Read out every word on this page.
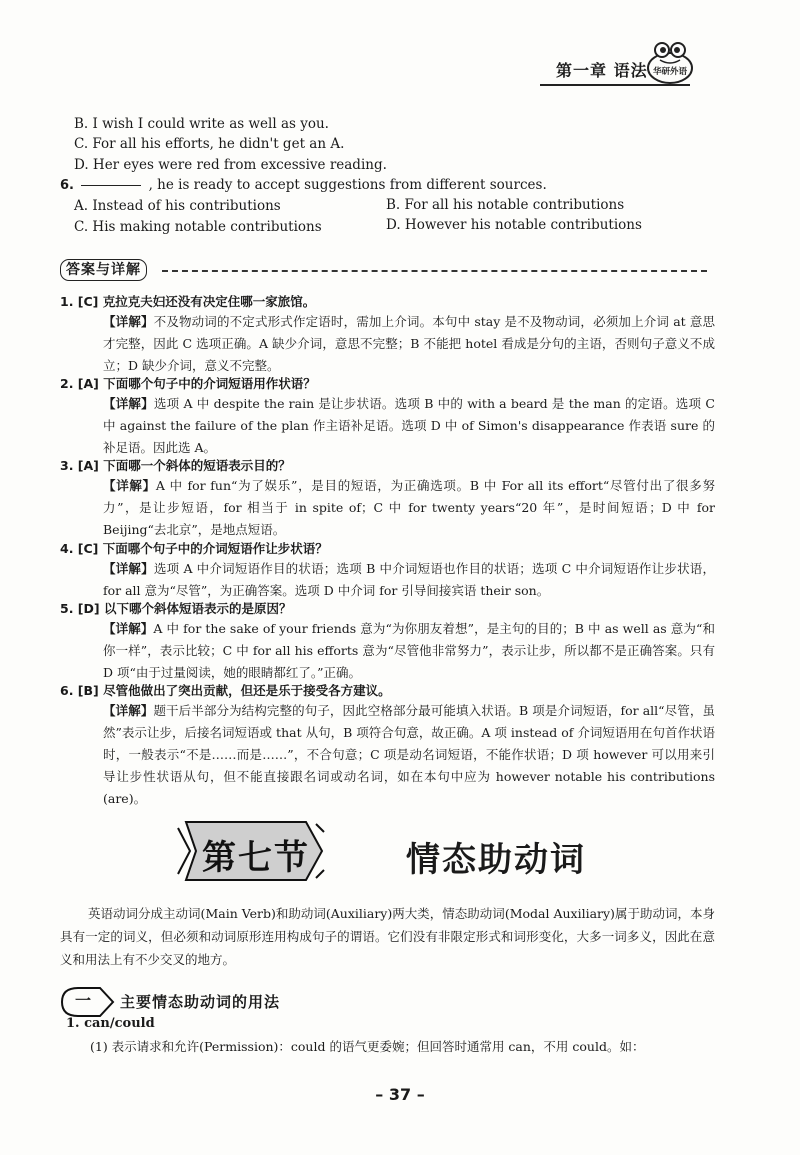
第一章 语法 华研外语
B. I wish I could write as well as you.
C. For all his efforts, he didn't get an A.
D. Her eyes were red from excessive reading.
6.	, he is ready to accept suggestions from different sources.
A. Instead of his contributions	B. For all his notable contributions
C. His making notable contributions	D. However his notable contributions
答案与详解
1. [C] 克拉克夫妇还没有决定住哪一家旅馆。
【详解】不及物动词的不定式形式作定语时，需加上介词。本句中 stay 是不及物动词，必须加上介词 at 意思才完整，因此 C 选项正确。A 缺少介词，意思不完整；B 不能把 hotel 看成是分句的主语，否则句子意义不成立；D 缺少介词，意义不完整。
2. [A] 下面哪个句子中的介词短语用作状语？
【详解】选项 A 中 despite the rain 是让步状语。选项 B 中的 with a beard 是 the man 的定语。选项 C 中 against the failure of the plan 作主语补足语。选项 D 中 of Simon's disappearance 作表语 sure 的补足语。因此选 A。
3. [A] 下面哪一个斜体的短语表示目的？
【详解】A 中 for fun“为了娱乐”，是目的短语，为正确选项。B 中 For all its effort“尽管付出了很多努力”，是让步短语，for 相当于 in spite of；C 中 for twenty years“20 年”，是时间短语；D 中 for Beijing“去北京”，是地点短语。
4. [C] 下面哪个句子中的介词短语作让步状语？
【详解】选项 A 中介词短语作目的状语；选项 B 中介词短语也作目的状语；选项 C 中介词短语作让步状语，for all 意为“尽管”，为正确答案。选项 D 中介词 for 引导间接宾语 their son。
5. [D] 以下哪个斜体短语表示的是原因？
【详解】A 中 for the sake of your friends 意为“为你朋友着想”，是主句的目的；B 中 as well as 意为“和你一样”，表示比较；C 中 for all his efforts 意为“尽管他非常努力”，表示让步，所以都不是正确答案。只有 D 项“由于过量阅读，她的眼睛都红了。”正确。
6. [B] 尽管他做出了突出贡献，但还是乐于接受各方建议。
【详解】题干后半部分为结构完整的句子，因此空格部分最可能填入状语。B 项是介词短语，for all“尽管，虽然”表示让步，后接名词短语或 that 从句，B 项符合句意，故正确。A 项 instead of 介词短语用在句首作状语时，一般表示“不是……而是……”，不合句意；C 项是动名词短语，不能作状语；D 项 however 可以用来引导让步性状语从句，但不能直接跟名词或动名词，如在本句中应为 however notable his contributions (are)。
第七节	情态助动词
英语动词分成主动词(Main Verb)和助动词(Auxiliary)两大类，情态助动词(Modal Auxiliary)属于助动词，本身具有一定的词义，但必须和动词原形连用构成句子的谓语。它们没有非限定形式和词形变化，大多一词多义，因此在意义和用法上有不少交叉的地方。
一 主要情态助动词的用法
1. can/could
(1) 表示请求和允许(Permission)：could 的语气更委婉；但回答时通常用 can，不用 could。如：
– 37 –
